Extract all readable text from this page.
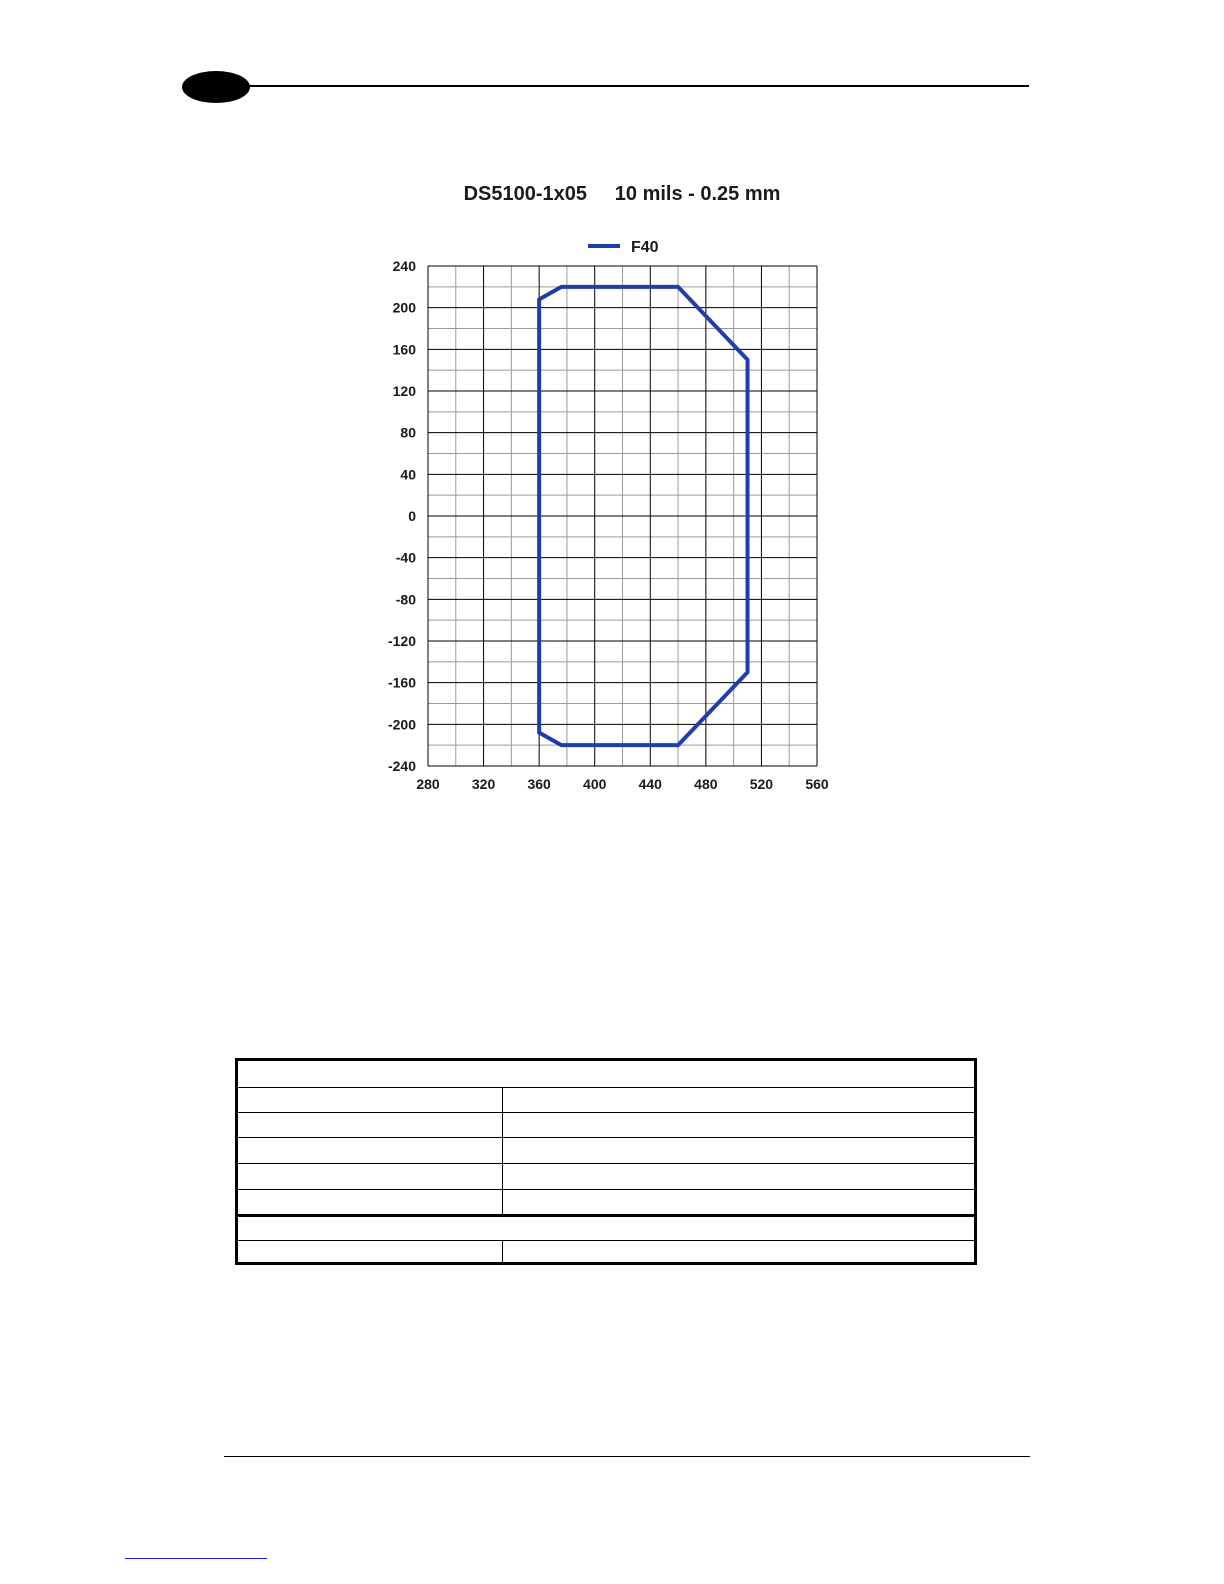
DS5100-1x05     10 mils - 0.25 mm
F40
240
200
160
120
80
40
0
-40
-80
-120
-160
-200
-240
280 320 360 400 440 480 520 560
